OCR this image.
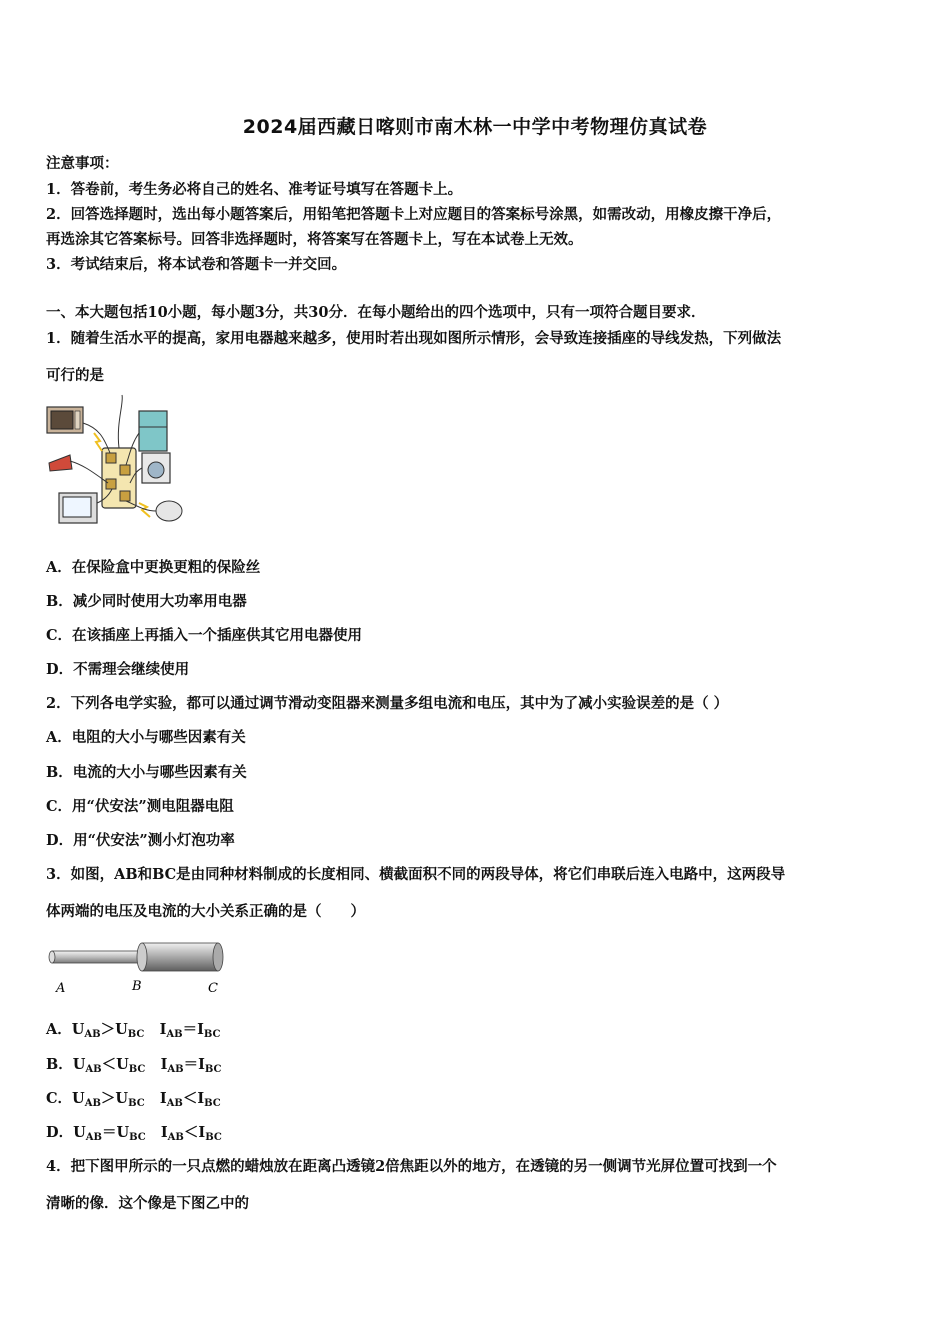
2024届西藏日喀则市南木林一中学中考物理仿真试卷
注意事项：
1．答卷前，考生务必将自己的姓名、准考证号填写在答题卡上。
2．回答选择题时，选出每小题答案后，用铅笔把答题卡上对应题目的答案标号涂黑，如需改动，用橡皮擦干净后，
再选涂其它答案标号。回答非选择题时，将答案写在答题卡上，写在本试卷上无效。
3．考试结束后，将本试卷和答题卡一并交回。
一、本大题包括10小题，每小题3分，共30分．在每小题给出的四个选项中，只有一项符合题目要求．
1．随着生活水平的提高，家用电器越来越多，使用时若出现如图所示情形，会导致连接插座的导线发热，下列做法
可行的是
A．在保险盒中更换更粗的保险丝
B．减少同时使用大功率用电器
C．在该插座上再插入一个插座供其它用电器使用
D．不需理会继续使用
2．下列各电学实验，都可以通过调节滑动变阻器来测量多组电流和电压，其中为了减小实验误差的是（ ）
A．电阻的大小与哪些因素有关
B．电流的大小与哪些因素有关
C．用“伏安法”测电阻器电阻
D．用“伏安法”测小灯泡功率
3．如图，AB和BC是由同种材料制成的长度相同、横截面积不同的两段导体，将它们串联后连入电路中，这两段导
体两端的电压及电流的大小关系正确的是（　　）
A	B	C
A．$U_{AB}>U_{BC}$ $I_{AB}=I_{BC}$
B．$U_{AB}<U_{BC}$ $I_{AB}=I_{BC}$
C．$U_{AB}>U_{BC}$ $I_{AB}<I_{BC}$
D．$U_{AB}=U_{BC}$ $I_{AB}<I_{BC}$
4．把下图甲所示的一只点燃的蜡烛放在距离凸透镜2倍焦距以外的地方，在透镜的另一侧调节光屏位置可找到一个
清晰的像．这个像是下图乙中的
